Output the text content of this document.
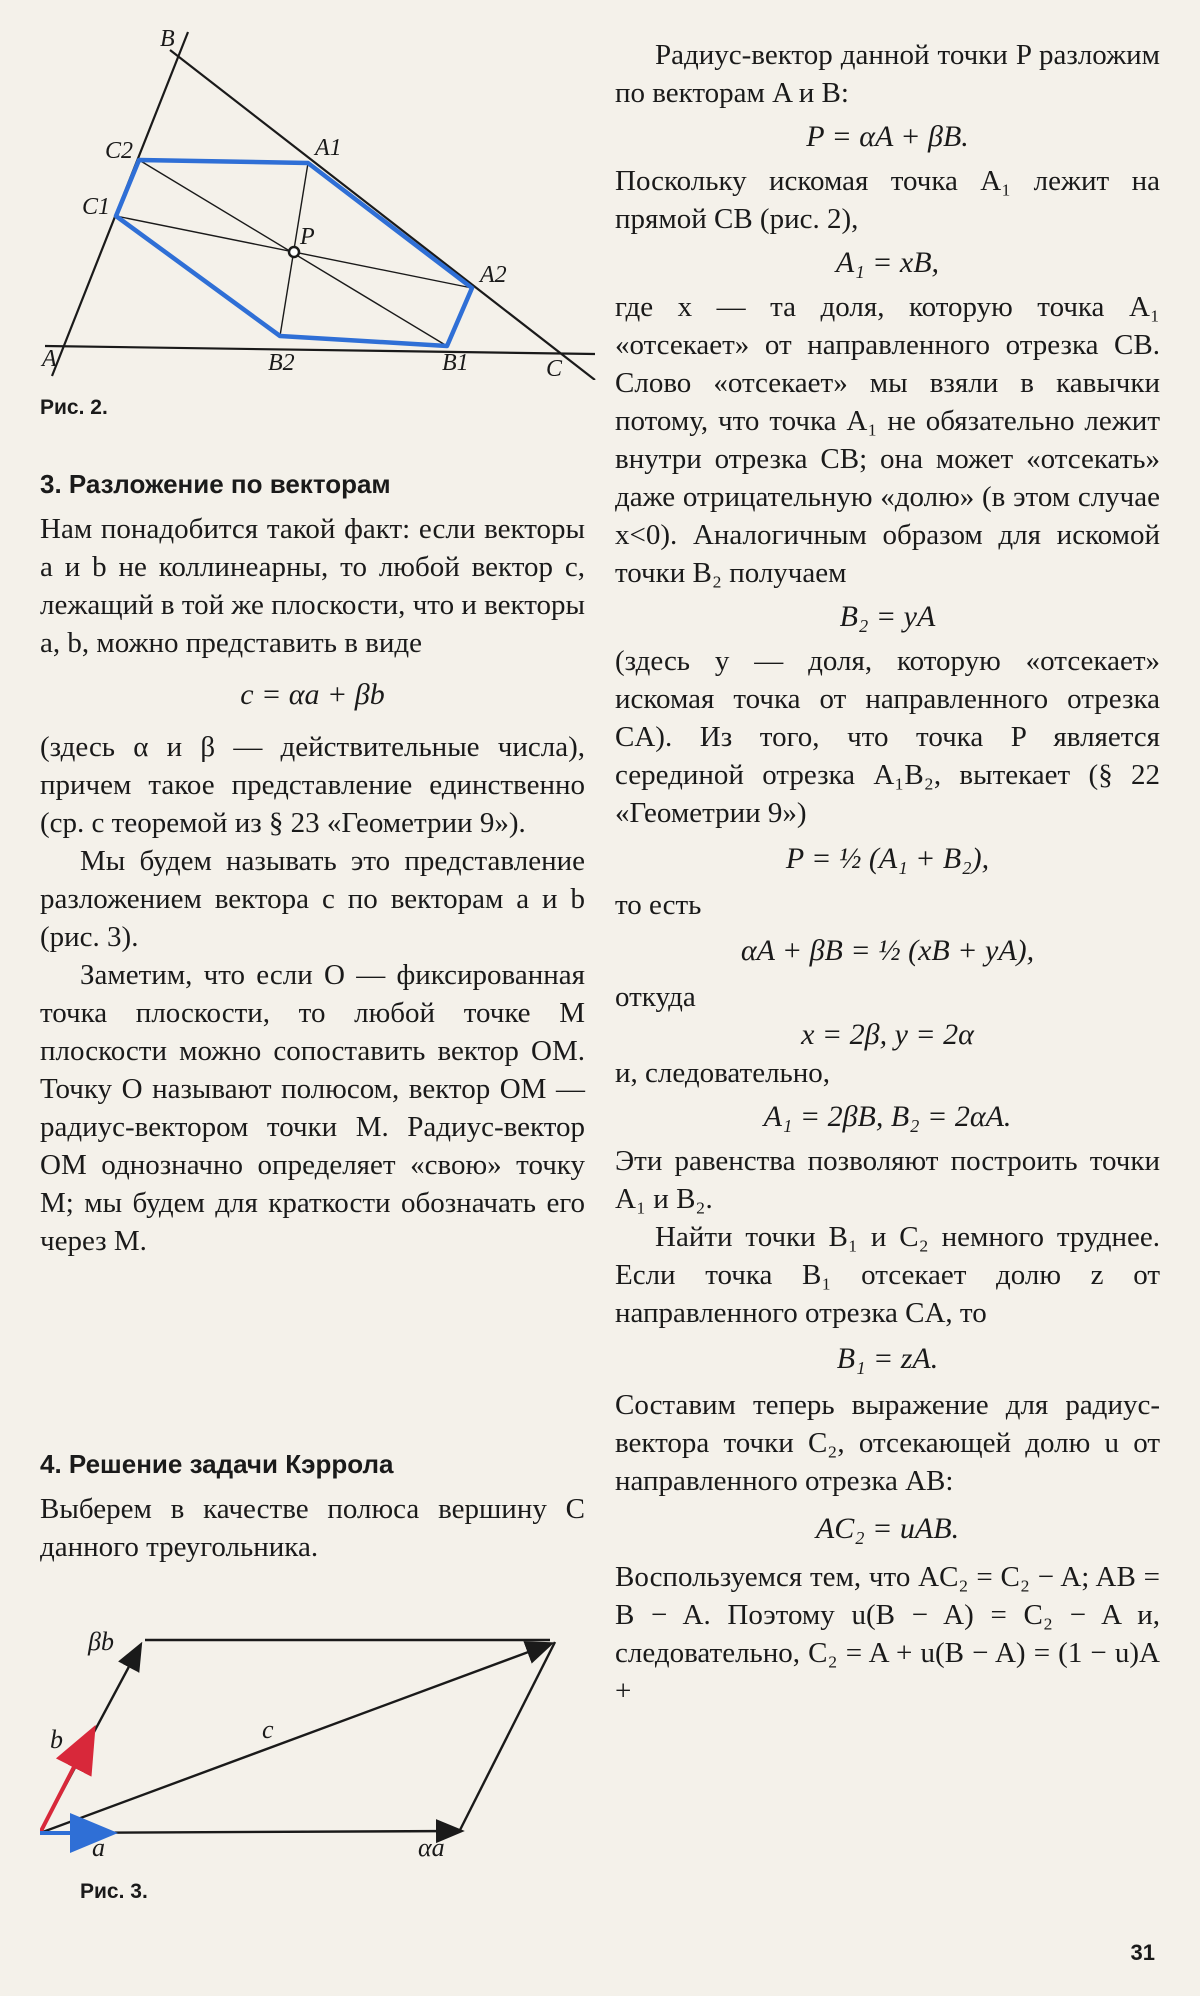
B
C2	A1
C1
P
A2
A	B2	B1	C
Рис. 2.
3. Разложение по векторам

Нам понадобится такой факт: если векторы a и b не коллинеарны, то любой вектор c, лежащий в той же плоскости, что и векторы a, b, можно представить в виде

c = αa + βb

(здесь α и β — действительные числа), причем такое представление единственно (ср. с теоремой из § 23 «Геометрии 9»).

Мы будем называть это представление разложением вектора c по векторам a и b (рис. 3).

Заметим, что если O — фиксированная точка плоскости, то любой точке M плоскости можно сопоставить вектор OM. Точку O называют полюсом, вектор OM — радиус-вектором точки M. Радиус-вектор OM однозначно определяет «свою» точку M; мы будем для краткости обозначать его через M.

4. Решение задачи Кэррола

Выберем в качестве полюса вершину C данного треугольника.

βb
b	c
a	αa
Рис. 3.

Радиус-вектор данной точки P разложим по векторам A и B:

P = αA + βB.

Поскольку искомая точка A₁ лежит на прямой CB (рис. 2),

A₁ = xB,

где x — та доля, которую точка A₁ «отсекает» от направленного отрезка CB. Слово «отсекает» мы взяли в кавычки потому, что точка A₁ не обязательно лежит внутри отрезка CB; она может «отсекать» даже отрицательную «долю» (в этом случае x<0). Аналогичным образом для искомой точки B₂ получаем

B₂ = yA

(здесь y — доля, которую «отсекает» искомая точка от направленного отрезка CA). Из того, что точка P является серединой отрезка A₁B₂, вытекает (§ 22 «Геометрии 9»)

P = ½ (A₁ + B₂),

то есть

αA + βB = ½ (xB + yA),

откуда

x = 2β, y = 2α

и, следовательно,

A₁ = 2βB, B₂ = 2αA.

Эти равенства позволяют построить точки A₁ и B₂.

Найти точки B₁ и C₂ немного труднее. Если точка B₁ отсекает долю z от направленного отрезка CA, то

B₁ = zA.

Составим теперь выражение для радиус-вектора точки C₂, отсекающей долю u от направленного отрезка AB:

AC₂ = uAB.

Воспользуемся тем, что AC₂ = C₂ − A; AB = B − A. Поэтому u(B − A) = C₂ − A и, следовательно, C₂ = A + u(B − A) = (1 − u)A +

31
